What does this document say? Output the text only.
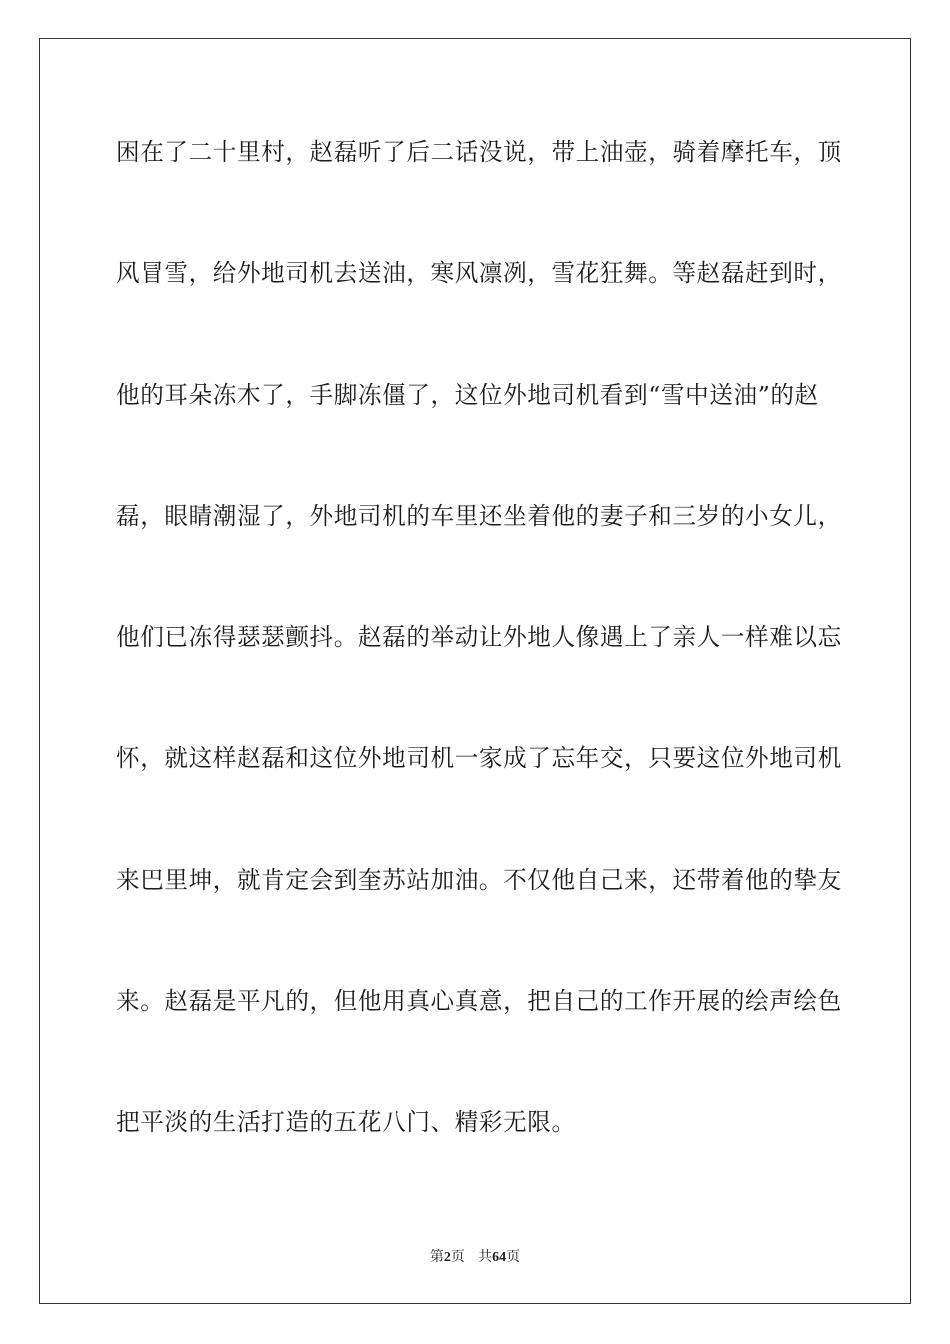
困在了二十里村，赵磊听了后二话没说，带上油壶，骑着摩托车，顶
风冒雪，给外地司机去送油，寒风凛冽，雪花狂舞。等赵磊赶到时，
他的耳朵冻木了，手脚冻僵了，这位外地司机看到“雪中送油”的赵
磊，眼睛潮湿了，外地司机的车里还坐着他的妻子和三岁的小女儿，
他们已冻得瑟瑟颤抖。赵磊的举动让外地人像遇上了亲人一样难以忘
怀，就这样赵磊和这位外地司机一家成了忘年交，只要这位外地司机
来巴里坤，就肯定会到奎苏站加油。不仅他自己来，还带着他的挚友
来。赵磊是平凡的，但他用真心真意，把自己的工作开展的绘声绘色
把平淡的生活打造的五花八门、精彩无限。
第2页 共64页
